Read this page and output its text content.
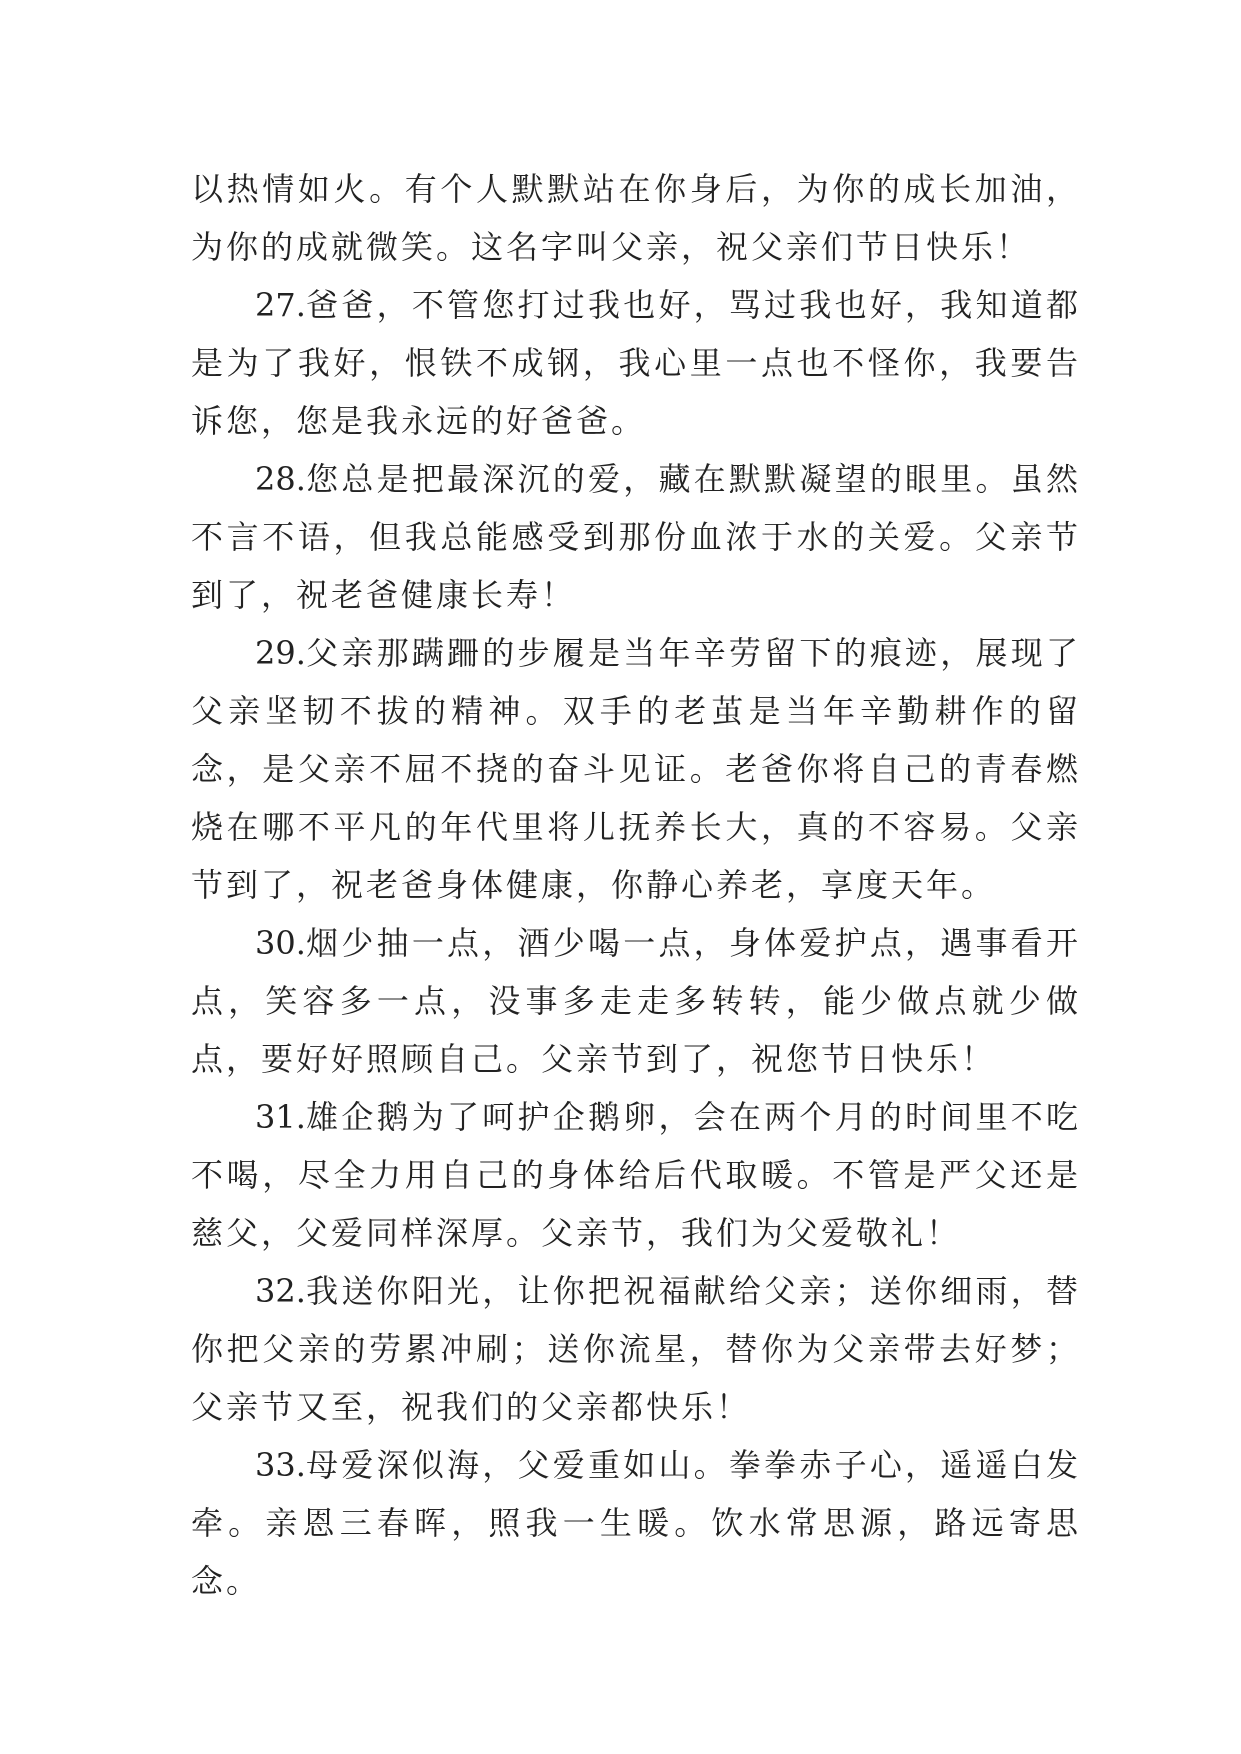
以热情如火。有个人默默站在你身后，为你的成长加油，为你的成就微笑。这名字叫父亲，祝父亲们节日快乐！

27.爸爸，不管您打过我也好，骂过我也好，我知道都是为了我好，恨铁不成钢，我心里一点也不怪你，我要告诉您，您是我永远的好爸爸。

28.您总是把最深沉的爱，藏在默默凝望的眼里。虽然不言不语，但我总能感受到那份血浓于水的关爱。父亲节到了，祝老爸健康长寿！

29.父亲那蹒跚的步履是当年辛劳留下的痕迹，展现了父亲坚韧不拔的精神。双手的老茧是当年辛勤耕作的留念，是父亲不屈不挠的奋斗见证。老爸你将自己的青春燃烧在哪不平凡的年代里将儿抚养长大，真的不容易。父亲节到了，祝老爸身体健康，你静心养老，享度天年。

30.烟少抽一点，酒少喝一点，身体爱护点，遇事看开点，笑容多一点，没事多走走多转转，能少做点就少做点，要好好照顾自己。父亲节到了，祝您节日快乐！

31.雄企鹅为了呵护企鹅卵，会在两个月的时间里不吃不喝，尽全力用自己的身体给后代取暖。不管是严父还是慈父，父爱同样深厚。父亲节，我们为父爱敬礼！

32.我送你阳光，让你把祝福献给父亲；送你细雨，替你把父亲的劳累冲刷；送你流星，替你为父亲带去好梦；父亲节又至，祝我们的父亲都快乐！

33.母爱深似海，父爱重如山。拳拳赤子心，遥遥白发牵。亲恩三春晖，照我一生暖。饮水常思源，路远寄思念。
